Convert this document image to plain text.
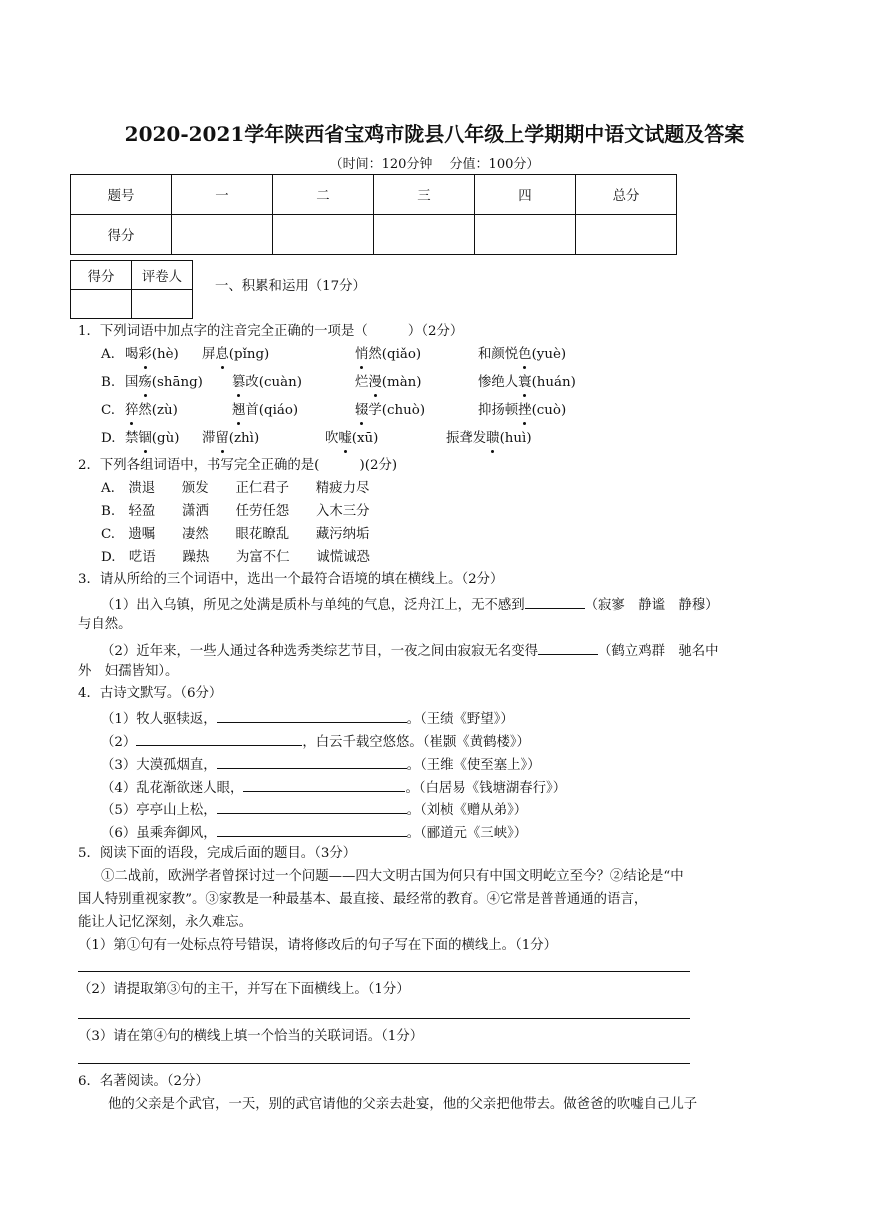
2020-2021学年陕西省宝鸡市陇县八年级上学期期中语文试题及答案
（时间：120分钟　 分值：100分）
题号	一	二	三	四	总分
得分					
得分	评卷人

一、积累和运用（17分）
1．下列词语中加点字的注音完全正确的一项是（　　　）（2分）
A. 喝彩(hè) 屏息(pǐng)	悄然(qiǎo)	和颜悦色(yuè)
B. 国殇(shāng) 篡改(cuàn)	烂漫(màn)	惨绝人寰(huán)
C. 猝然(zù)	翘首(qiáo)	辍学(chuò)	抑扬顿挫(cuò)
D. 禁锢(gù) 滞留(zhì)	吹嘘(xū)	振聋发聩(huì)
2．下列各组词语中，书写完全正确的是(　　　)(2分)
A.　溃退　　颁发　　正仁君子　　精疲力尽
B.　轻盈　　潇洒　　任劳任怨　　入木三分
C.　遗嘱　　凄然　　眼花瞭乱　　藏污纳垢
D.　呓语　　躁热　　为富不仁　　诚慌诚恐
3．请从所给的三个词语中，选出一个最符合语境的填在横线上。（2分）
（1）出入乌镇，所见之处满是质朴与单纯的气息，泛舟江上，无不感到	（寂寥　静谧　静穆）
与自然。
（2）近年来，一些人通过各种选秀类综艺节目，一夜之间由寂寂无名变得	（鹤立鸡群　驰名中
外　妇孺皆知）。
4．古诗文默写。（6分）
（1）牧人驱犊返，	。（王绩《野望》）
（2）	，白云千载空悠悠。（崔颢《黄鹤楼》）
（3）大漠孤烟直，	。（王维《使至塞上》）
（4）乱花渐欲迷人眼，	。（白居易《钱塘湖春行》）
（5）亭亭山上松，	。（刘桢《赠从弟》）
（6）虽乘奔御风，	。（郦道元《三峡》）
5．阅读下面的语段，完成后面的题目。（3分）
①二战前，欧洲学者曾探讨过一个问题——四大文明古国为何只有中国文明屹立至今？②结论是“中
国人特别重视家教”。③家教是一种最基本、最直接、最经常的教育。④它常是普普通通的语言，
能让人记忆深刻，永久难忘。
（1）第①句有一处标点符号错误，请将修改后的句子写在下面的横线上。（1分）
（2）请提取第③句的主干，并写在下面横线上。（1分）
（3）请在第④句的横线上填一个恰当的关联词语。（1分）
6．名著阅读。（2分）
他的父亲是个武官，一天，别的武官请他的父亲去赴宴，他的父亲把他带去。做爸爸的吹嘘自己儿子
